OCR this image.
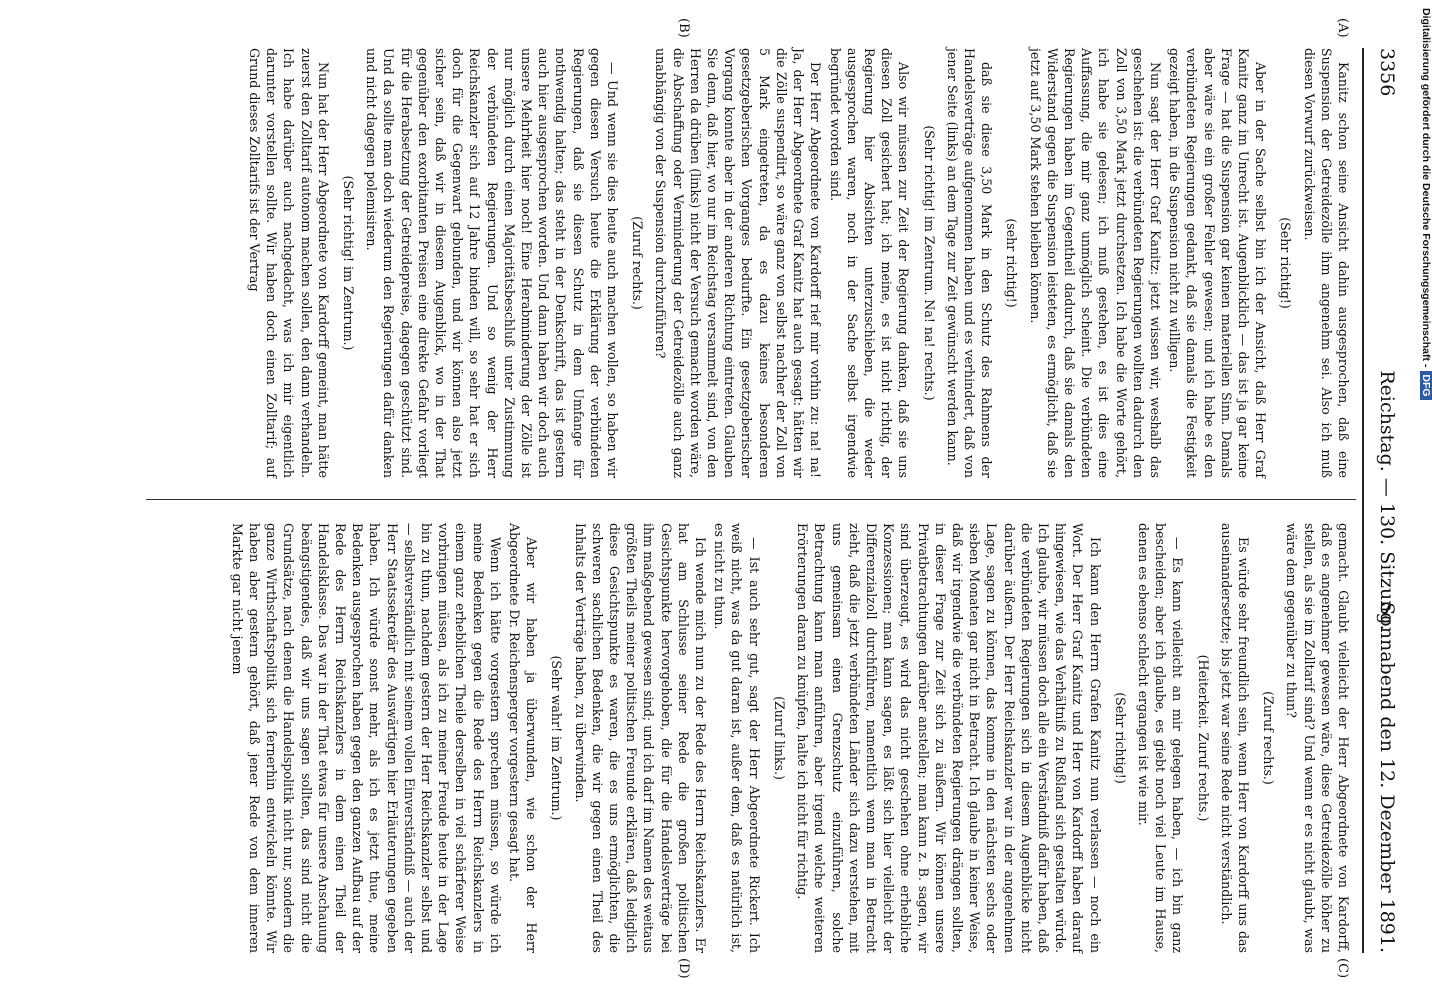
3356
Reichstag. — 130. Sitzung.
Sonnabend den 12. Dezember 1891.
(A)
(B)
(C)
(D)

Kanitz schon seine Ansicht dahin ausgesprochen, daß eine Suspension der Getreidezölle ihm angenehm sei. Also ich muß diesen Vorwurf zurückweisen.

(Sehr richtig!)

Aber in der Sache selbst bin ich der Ansicht, daß Herr Graf Kanitz ganz im Unrecht ist. Augenblicklich — das ist ja gar keine Frage — hat die Suspension gar keinen materiellen Sinn. Damals aber wäre sie ein großer Fehler gewesen; und ich habe es den verbündeten Regierungen gedankt, daß sie damals die Festigkeit gezeigt haben, in die Suspension nicht zu willigen.

Nun sagt der Herr Graf Kanitz: jetzt wissen wir, weshalb das geschehen ist: die verbündeten Regierungen wollten dadurch den Zoll von 3,50 Mark jetzt durchsetzen. Ich habe die Worte gehört, ich habe sie gelesen; ich muß gestehen, es ist dies eine Auffassung, die mir ganz unmöglich scheint. Die verbündeten Regierungen haben im Gegentheil dadurch, daß sie damals den Widerstand gegen die Suspension leisteten, es ermöglicht, daß sie jetzt auf 3,50 Mark stehen bleiben können.

(sehr richtig!)

daß sie diese 3,50 Mark in den Schutz des Rahmens der Handelsverträge aufgenommen haben und es verhindert, daß von jener Seite (links) an dem Tage zur Zeit gewünscht werden kann.

(Sehr richtig! im Zentrum. Na! na! rechts.)

Also wir müssen zur Zeit der Regierung danken, daß sie uns diesen Zoll gesichert hat; ich meine, es ist nicht richtig, der Regierung hier Absichten unterzuschieben, die weder ausgesprochen waren, noch in der Sache selbst irgendwie begründet worden sind.

Der Herr Abgeordnete von Kardorff rief mir vorhin zu: na! na! Ja, der Herr Abgeordnete Graf Kanitz hat auch gesagt: hätten wir die Zölle suspendirt, so wäre ganz von selbst nachher der Zoll von 5 Mark eingetreten, da es dazu keines besonderen gesetzgeberischen Vorganges bedurfte. Ein gesetzgeberischer Vorgang konnte aber in der anderen Richtung eintreten. Glauben Sie denn, daß hier, wo nur im Reichstag versammelt sind, von den Herren da drüben (links) nicht der Versuch gemacht worden wäre, die Abschaffung oder Verminderung der Getreidezölle auch ganz unabhängig von der Suspension durchzuführen?

(Zuruf rechts.)

— Und wenn sie dies heute auch machen wollen, so haben wir gegen diesen Versuch heute die Erklärung der verbündeten Regierungen, daß sie diesen Schutz in dem Umfange für nothwendig halten; das steht in der Denkschrift, das ist gestern auch hier ausgesprochen worden. Und dann haben wir doch auch unsere Mehrheit hier noch! Eine Herabminderung der Zölle ist nur möglich durch einen Majoritätsbeschluß unter Zustimmung der verbündeten Regierungen. Und so wenig der Herr Reichskanzler sich auf 12 Jahre binden will, so sehr hat er sich doch für die Gegenwart gebunden, und wir können also jetzt sicher sein, daß wir in diesem Augenblick, wo in der That gegenüber den exorbitanten Preisen eine direkte Gefahr vorliegt für die Herabsetzung der Getreidepreise, dagegen geschützt sind. Und da sollte man doch wiederum den Regierungen dafür danken und nicht dagegen polemisiren.

(Sehr richtig! im Zentrum.)

Nun hat der Herr Abgeordnete von Kardorff gemeint, man hätte zuerst den Zolltarif autonom machen sollen, den dann verhandeln. Ich habe darüber auch nachgedacht, was ich mir eigentlich darunter vorstellen sollte. Wir haben doch einen Zolltarif; auf Grund dieses Zolltarifs ist der Vertrag

gemacht. Glaubt vielleicht der Herr Abgeordnete von Kardorff, daß es angenehmer gewesen wäre, diese Getreidezölle höher zu stellen, als sie im Zolltarif sind? Und wenn er es nicht glaubt, was wäre dem gegenüber zu thun?

(Zuruf rechts.)

Es würde sehr freundlich sein, wenn Herr von Kardorff uns das auseinandersetzte; bis jetzt war seine Rede nicht verständlich.

(Heiterkeit. Zuruf rechts.)

— Es kann vielleicht an mir gelegen haben, — ich bin ganz bescheiden; aber ich glaube, es giebt noch viel Leute im Hause, denen es ebenso schlecht ergangen ist wie mir.

(Sehr richtig!)

Ich kann den Herrn Grafen Kanitz nun verlassen — noch ein Wort. Der Herr Graf Kanitz und Herr von Kardorff haben darauf hingewiesen, wie das Verhältniß zu Rußland sich gestalten würde. Ich glaube, wir müssen doch alle ein Verständniß dafür haben, daß die verbündeten Regierungen sich in diesem Augenblicke nicht darüber äußern. Der Herr Reichskanzler war in der angenehmen Lage, sagen zu können, das komme in den nächsten sechs oder sieben Monaten gar nicht in Betracht. Ich glaube in keiner Weise, daß wir irgendwie die verbündeten Regierungen drängen sollten, in dieser Frage zur Zeit sich zu äußern. Wir können unsere Privatbetrachtungen darüber anstellen; man kann z. B. sagen, wir sind überzeugt, es wird das nicht geschehen ohne erhebliche Konzessionen; man kann sagen, es läßt sich hier vielleicht der Differenzialzoll durchführen, namentlich wenn man in Betracht zieht, daß die jetzt verbündeten Länder sich dazu verstehen, mit uns gemeinsam einen Grenzschutz einzuführen, solche Betrachtung kann man anführen, aber irgend welche weiteren Erörterungen daran zu knüpfen, halte ich nicht für richtig.

(Zuruf links.)

— Ist auch sehr gut, sagt der Herr Abgeordnete Rickert. Ich weiß nicht, was da gut daran ist, außer dem, daß es natürlich ist, es nicht zu thun.

Ich wende mich nun zu der Rede des Herrn Reichskanzlers. Er hat am Schlusse seiner Rede die großen politischen Gesichtspunkte hervorgehoben, die für die Handelsverträge bei ihm maßgebend gewesen sind; und ich darf im Namen des weitaus größten Theils meiner politischen Freunde erklären, daß lediglich diese Gesichtspunkte es waren, die es uns ermöglichten, die schweren sachlichen Bedenken, die wir gegen einen Theil des Inhalts der Verträge haben, zu überwinden.

(Sehr wahr! im Zentrum.)

Aber wir haben ja überwunden, wie schon der Herr Abgeordnete Dr. Reichensperger vorgestern gesagt hat.

Wenn ich hätte vorgestern sprechen müssen, so würde ich meine Bedenken gegen die Rede des Herrn Reichskanzlers in einem ganz erheblichen Theile derselben in viel schärferer Weise vorbringen müssen, als ich zu meiner Freude heute in der Lage bin zu thun, nachdem gestern der Herr Reichskanzler selbst und — selbstverständlich mit seinem vollen Einverständniß — auch der Herr Staatssekretär des Auswärtigen hier Erläuterungen gegeben haben. Ich würde sonst mehr, als ich es jetzt thue, meine Bedenken ausgesprochen haben gegen den ganzen Aufbau auf der Rede des Herrn Reichskanzlers in dem einen Theil der Handelsklasse. Das war in der That etwas für unsere Anschauung beängstigendes, daß wir uns sagen sollten, das sind nicht die Grundsätze, nach denen die Handelspolitik nicht nur, sondern die ganze Wirthschaftspolitik sich fernerhin entwickeln könnte. Wir haben aber gestern gehört, daß jener Rede von dem inneren Markte gar nicht jenem

Digitalisierung gefördert durch die Deutsche Forschungsgemeinschaft -DFG
